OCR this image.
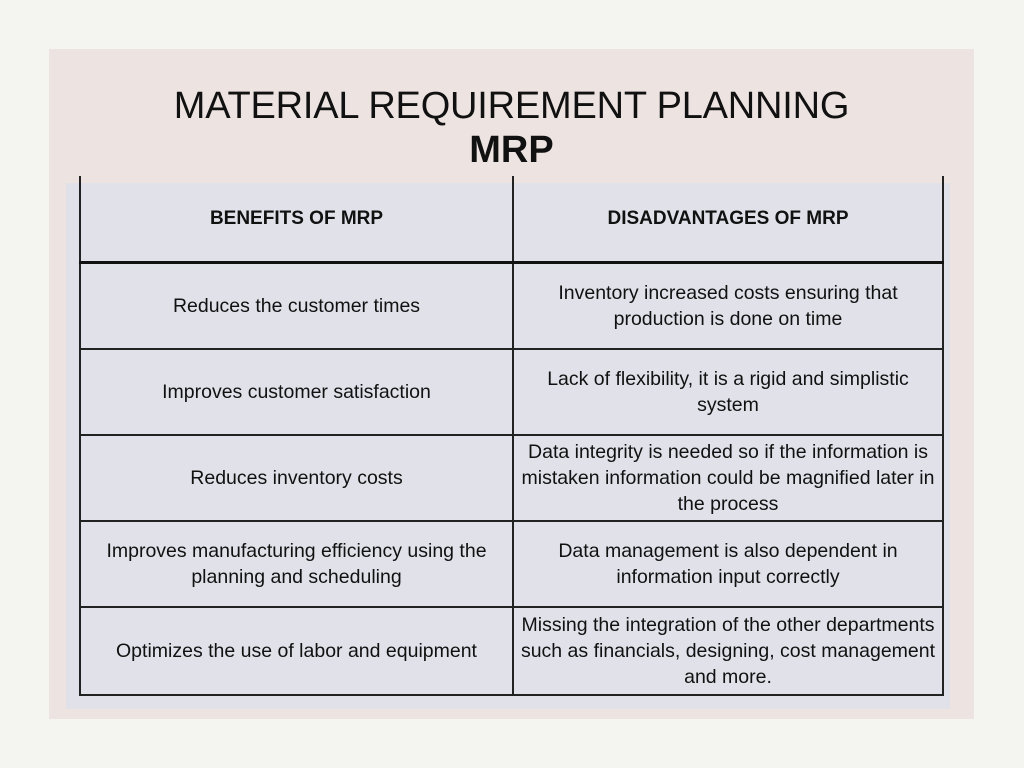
MATERIAL REQUIREMENT PLANNING
MRP
BENEFITS OF MRP	DISADVANTAGES OF MRP
Reduces the customer times	Inventory increased costs ensuring that production is done on time
Improves customer satisfaction	Lack of flexibility, it is a rigid and simplistic system
Reduces inventory costs	Data integrity is needed so if the information is mistaken information could be magnified later in the process
Improves manufacturing efficiency using the planning and scheduling	Data management is also dependent in information input correctly
Optimizes the use of labor and equipment	Missing the integration of the other departments such as financials, designing, cost management and more.
